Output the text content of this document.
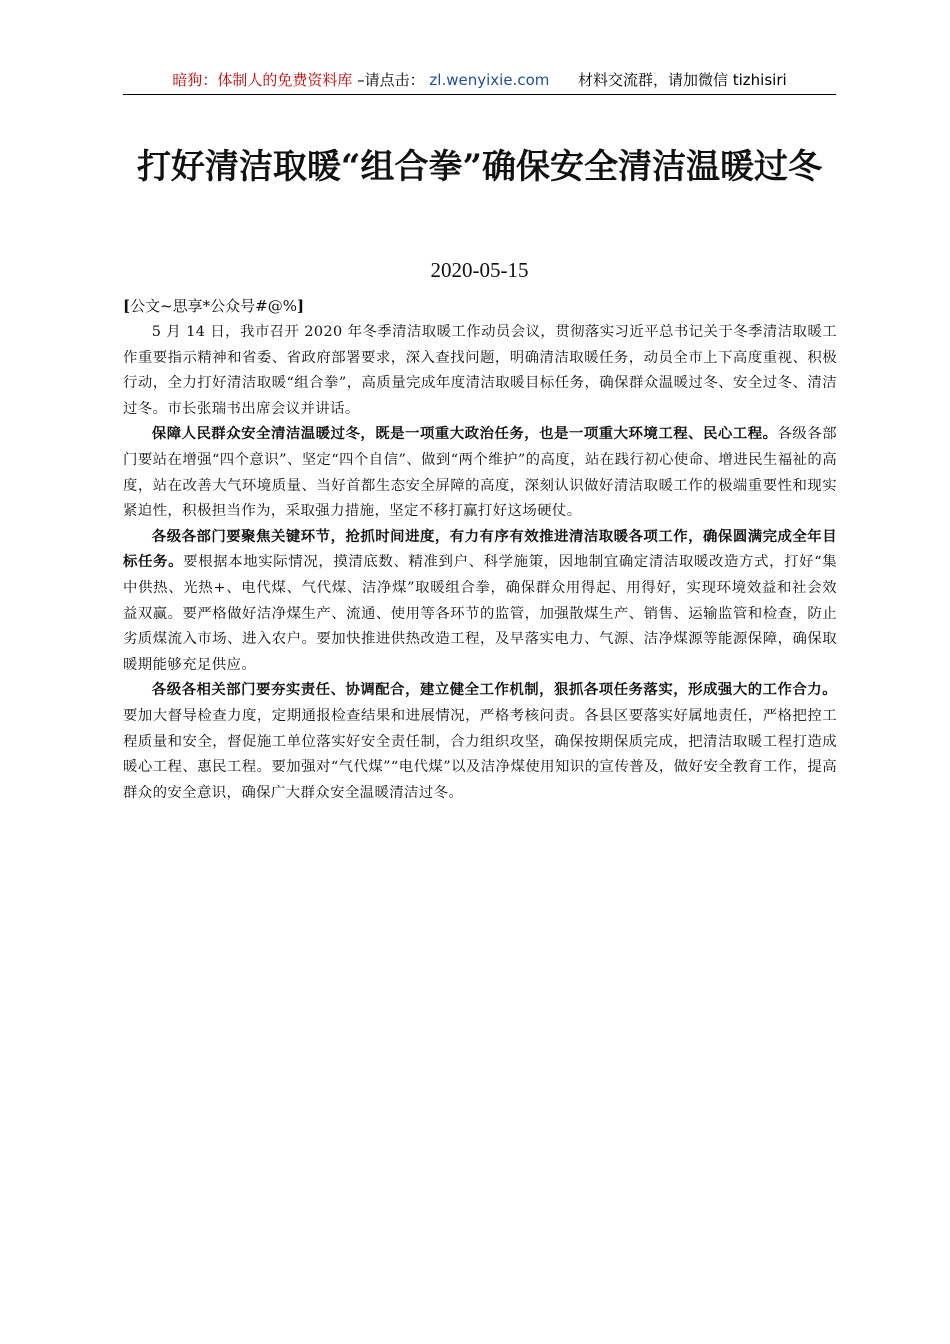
暗狗：体制人的免费资料库 –请点击： zl.wenyixie.com 材料交流群，请加微信 tizhisiri
打好清洁取暖“组合拳”确保安全清洁温暖过冬
2020-05-15
[公文~思享*公众号#@%]

5 月 14 日，我市召开 2020 年冬季清洁取暖工作动员会议，贯彻落实习近平总书记关于冬季清洁取暖工作重要指示精神和省委、省政府部署要求，深入查找问题，明确清洁取暖任务，动员全市上下高度重视、积极行动，全力打好清洁取暖“组合拳”，高质量完成年度清洁取暖目标任务，确保群众温暖过冬、安全过冬、清洁过冬。市长张瑞书出席会议并讲话。

保障人民群众安全清洁温暖过冬，既是一项重大政治任务，也是一项重大环境工程、民心工程。各级各部门要站在增强“四个意识”、坚定“四个自信”、做到“两个维护”的高度，站在践行初心使命、增进民生福祉的高度，站在改善大气环境质量、当好首都生态安全屏障的高度，深刻认识做好清洁取暖工作的极端重要性和现实紧迫性，积极担当作为，采取强力措施，坚定不移打赢打好这场硬仗。

各级各部门要聚焦关键环节，抢抓时间进度，有力有序有效推进清洁取暖各项工作，确保圆满完成全年目标任务。要根据本地实际情况，摸清底数、精准到户、科学施策，因地制宜确定清洁取暖改造方式，打好“集中供热、光热+、电代煤、气代煤、洁净煤”取暖组合拳，确保群众用得起、用得好，实现环境效益和社会效益双赢。要严格做好洁净煤生产、流通、使用等各环节的监管，加强散煤生产、销售、运输监管和检查，防止劣质煤流入市场、进入农户。要加快推进供热改造工程，及早落实电力、气源、洁净煤源等能源保障，确保取暖期能够充足供应。

各级各相关部门要夯实责任、协调配合，建立健全工作机制，狠抓各项任务落实，形成强大的工作合力。要加大督导检查力度，定期通报检查结果和进展情况，严格考核问责。各县区要落实好属地责任，严格把控工程质量和安全，督促施工单位落实好安全责任制，合力组织攻坚，确保按期保质完成，把清洁取暖工程打造成暖心工程、惠民工程。要加强对“气代煤”“电代煤”以及洁净煤使用知识的宣传普及，做好安全教育工作，提高群众的安全意识，确保广大群众安全温暖清洁过冬。
